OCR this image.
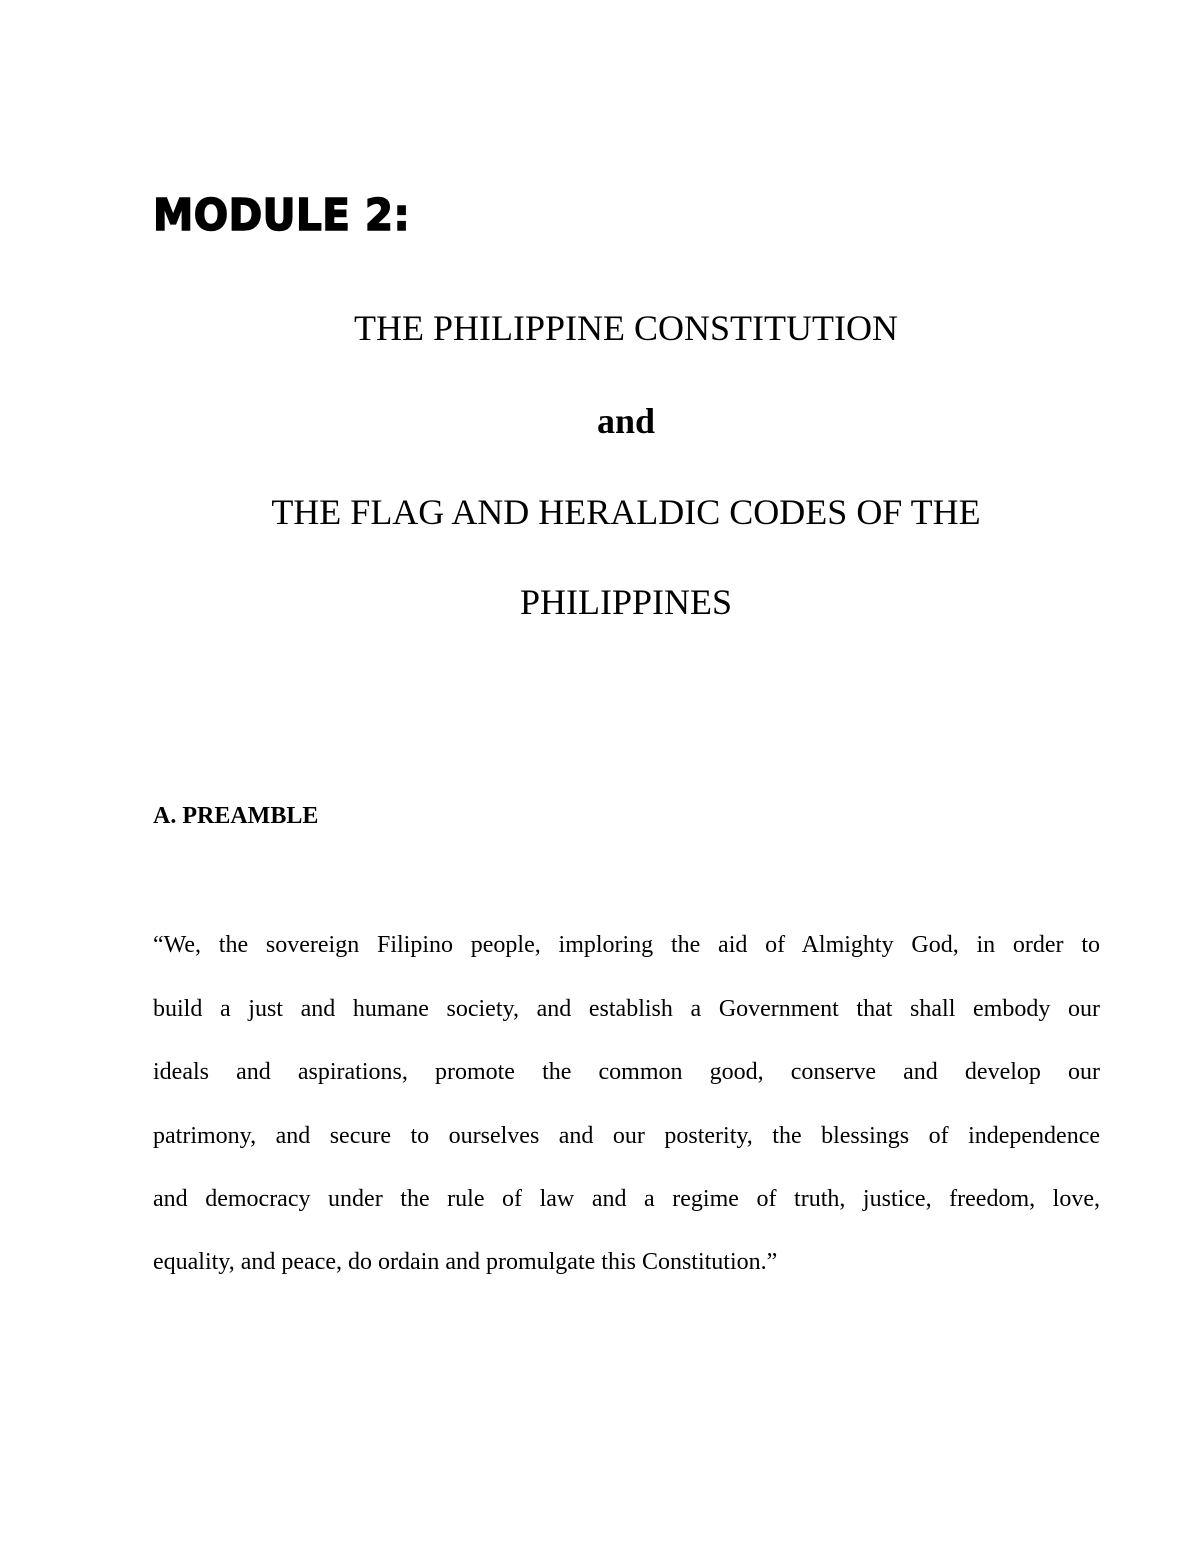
MODULE 2:
THE PHILIPPINE CONSTITUTION
and
THE FLAG AND HERALDIC CODES OF THE
PHILIPPINES
A. PREAMBLE
“We, the sovereign Filipino people, imploring the aid of Almighty God, in order to
build a just and humane society, and establish a Government that shall embody our
ideals and aspirations, promote the common good, conserve and develop our
patrimony, and secure to ourselves and our posterity, the blessings of independence
and democracy under the rule of law and a regime of truth, justice, freedom, love,
equality, and peace, do ordain and promulgate this Constitution.”
